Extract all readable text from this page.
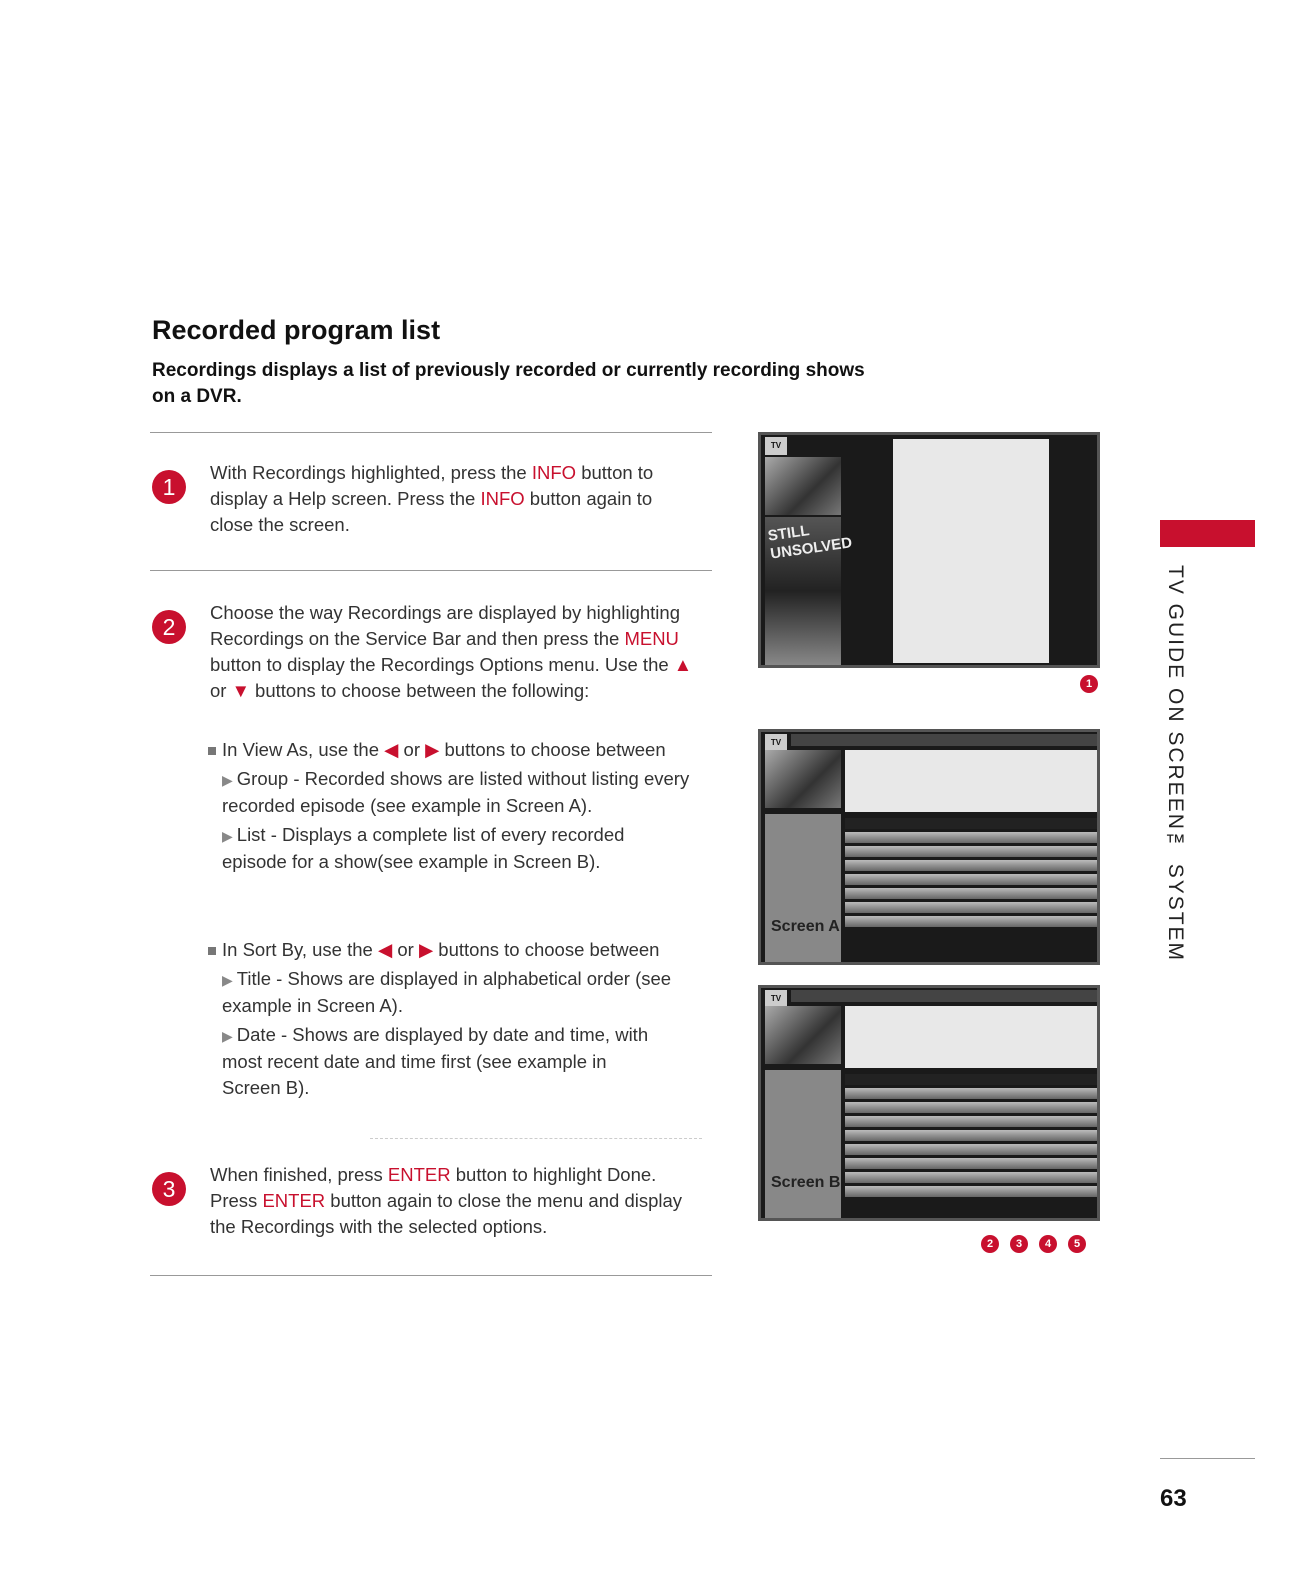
Recorded program list
Recordings displays a list of previously recorded or currently recording shows on a DVR.
1
With Recordings highlighted, press the INFO button to display a Help screen. Press the INFO button again to close the screen.
2
Choose the way Recordings are displayed by highlighting Recordings on the Service Bar and then press the MENU button to display the Recordings Options menu. Use the ▲ or ▼ buttons to choose between the following:
In View As, use the ◀ or ▶ buttons to choose between
▶ Group - Recorded shows are listed without listing every recorded episode (see example in Screen A).
▶ List - Displays a complete list of every recorded episode for a show(see example in Screen B).
In Sort By, use the ◀ or ▶ buttons to choose between
▶ Title - Shows are displayed in alphabetical order (see example in Screen A).
▶ Date - Shows are displayed by date and time, with most recent date and time first (see example in Screen B).
3
When finished, press ENTER button to highlight Done. Press ENTER button again to close the menu and display the Recordings with the selected options.
TV
STILL UNSOLVED
1
TV
Screen A
TV
Screen B
2	3	4	5
TV GUIDE ON SCREEN™ SYSTEM
63
